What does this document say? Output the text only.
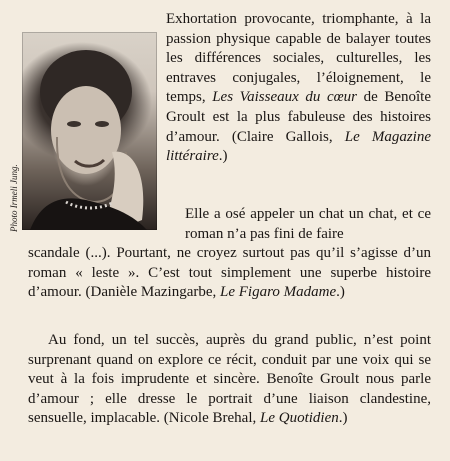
Photo Irmeli Jung.

Exhortation provocante, triomphante, à la passion physique capable de balayer toutes les différences sociales, culturelles, les entraves conjugales, l’éloignement, le temps, Les Vaisseaux du cœur de Benoîte Groult est la plus fabuleuse des histoires d’amour. (Claire Gallois, Le Magazine littéraire.)

Elle a osé appeler un chat un chat, et ce roman n’a pas fini de faire
scandale (...). Pourtant, ne croyez surtout pas qu’il s’agisse d’un roman « leste ». C’est tout simplement une superbe histoire d’amour. (Danièle Mazingarbe, Le Figaro Madame.)

Au fond, un tel succès, auprès du grand public, n’est point surprenant quand on explore ce récit, conduit par une voix qui se veut à la fois imprudente et sincère. Benoîte Groult nous parle d’amour ; elle dresse le portrait d’une liaison clandestine, sensuelle, implacable. (Nicole Brehal, Le Quotidien.)
